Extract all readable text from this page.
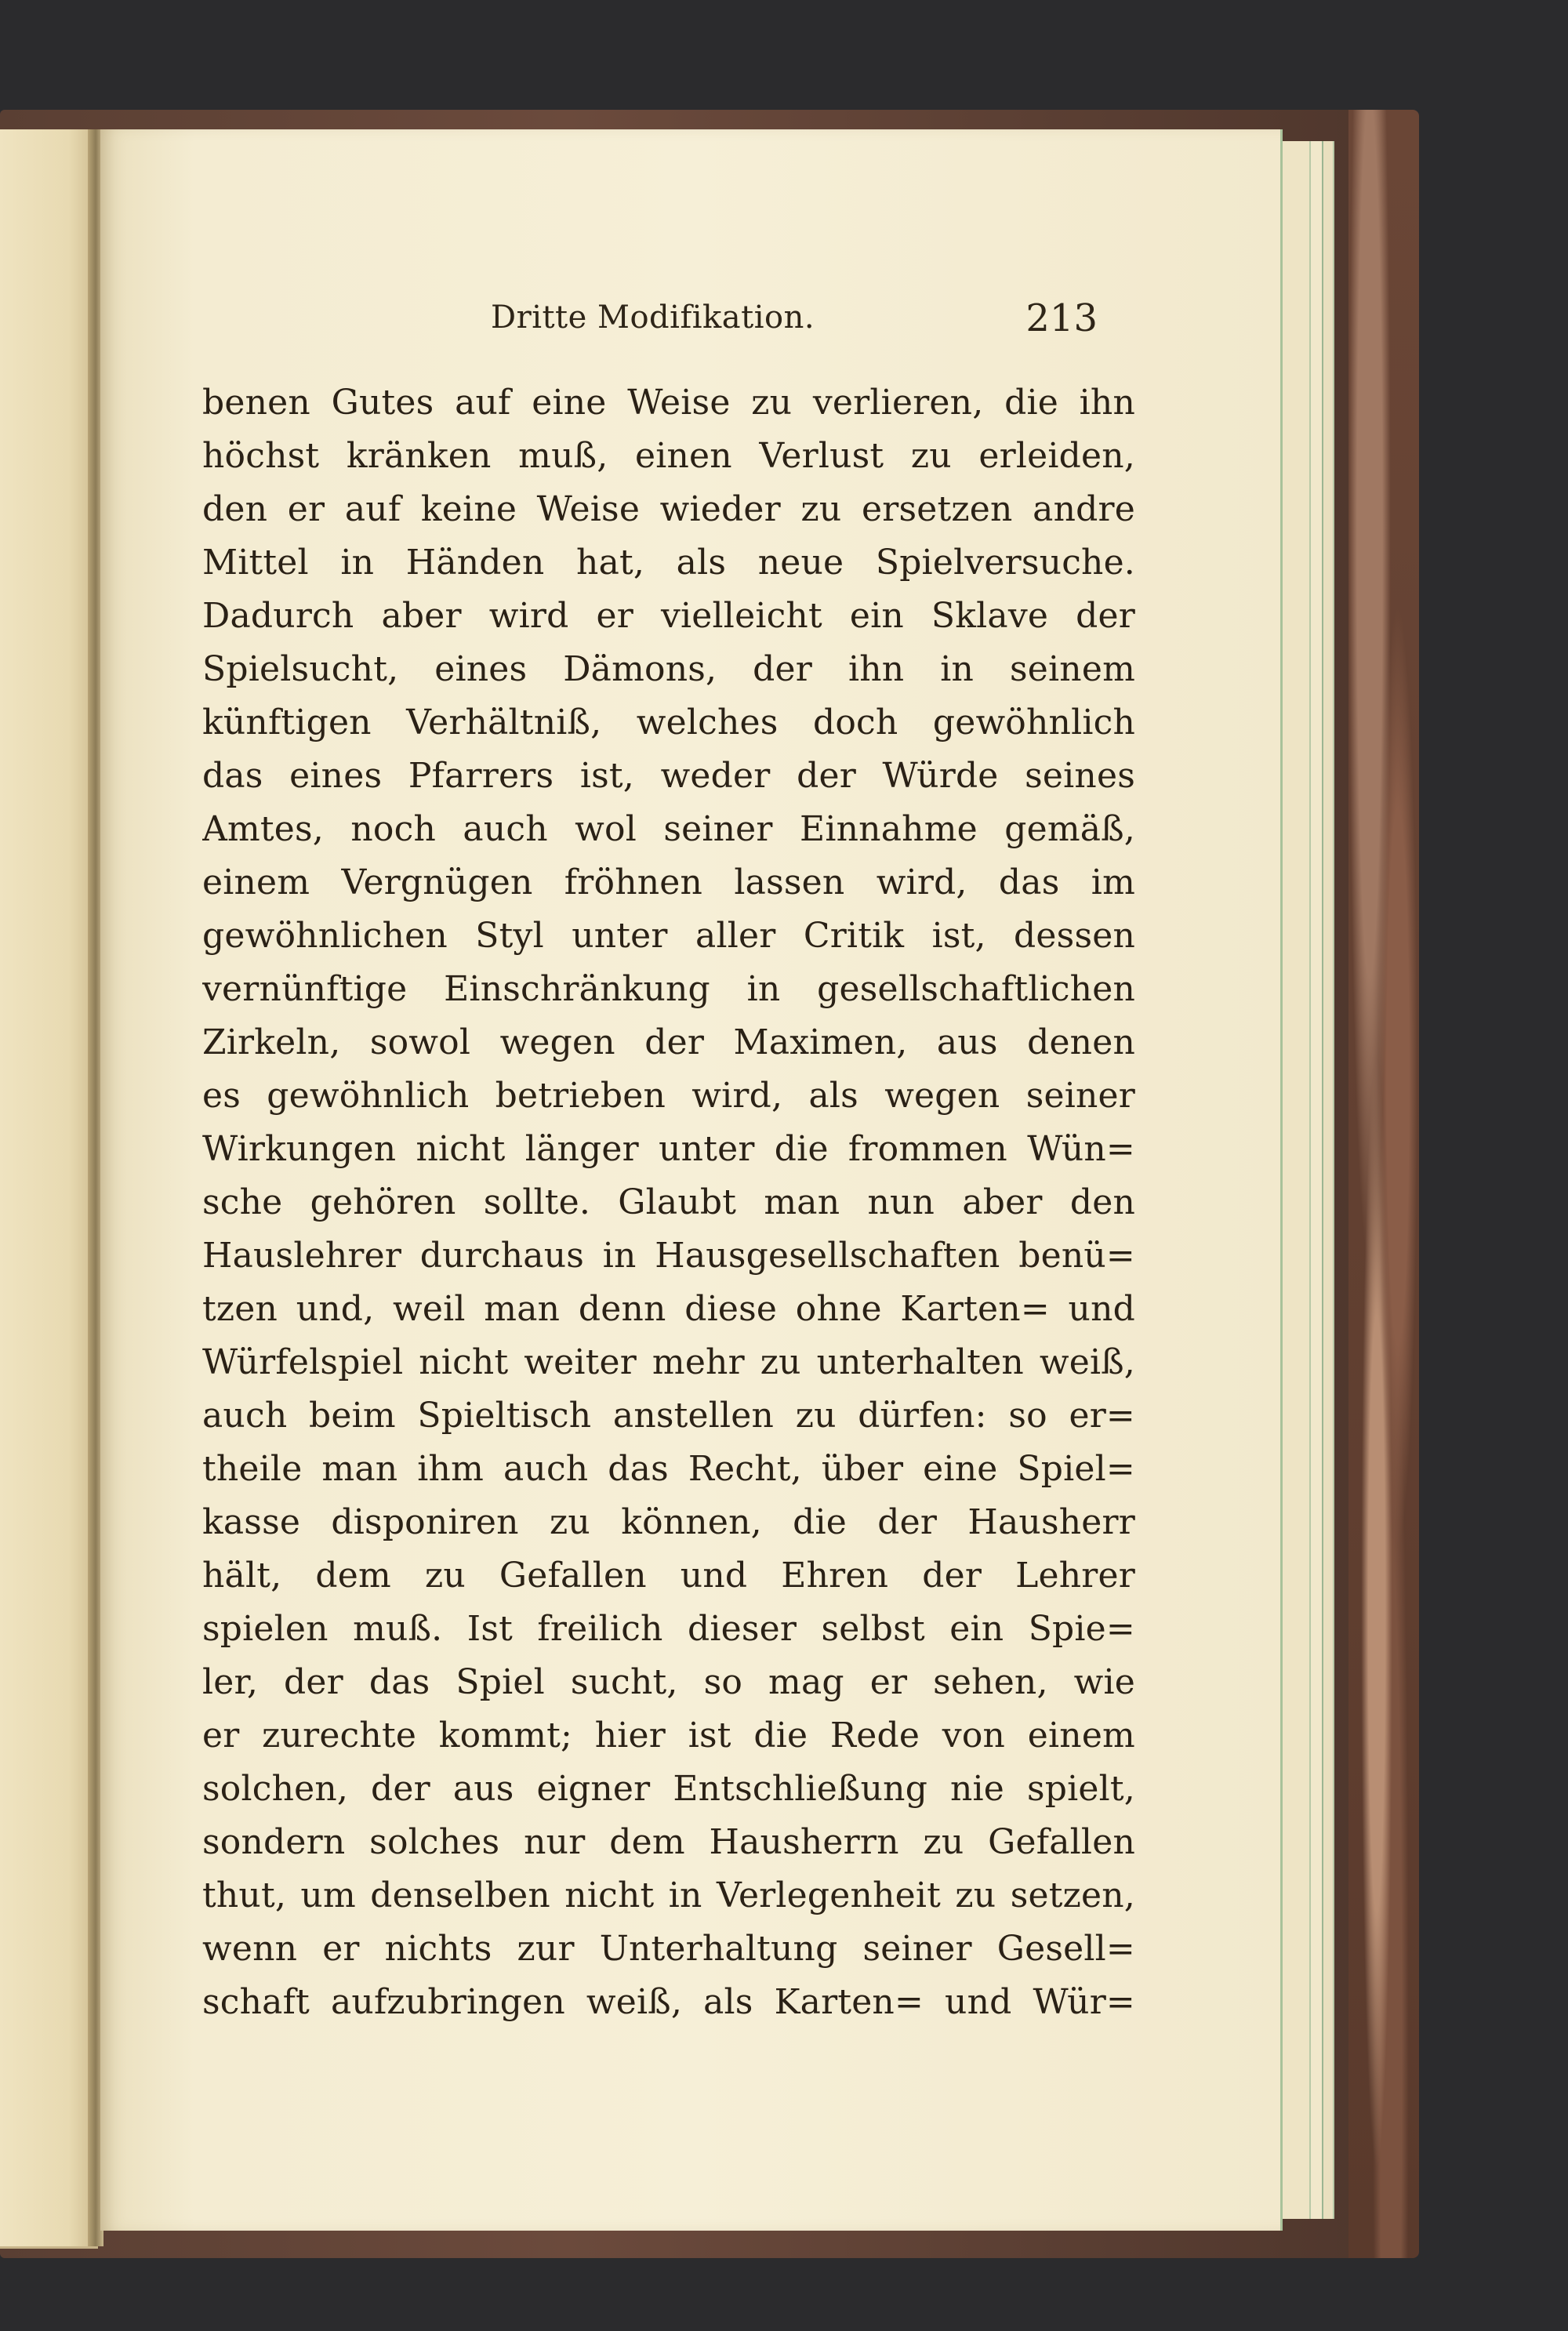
Dritte Modifikation.	213
benen Gutes auf eine Weise zu verlieren, die ihn
höchst kränken muß, einen Verlust zu erleiden,
den er auf keine Weise wieder zu ersetzen andre
Mittel in Händen hat, als neue Spielversuche.
Dadurch aber wird er vielleicht ein Sklave der
Spielsucht, eines Dämons, der ihn in seinem
künftigen Verhältniß, welches doch gewöhnlich
das eines Pfarrers ist, weder der Würde seines
Amtes, noch auch wol seiner Einnahme gemäß,
einem Vergnügen fröhnen lassen wird, das im
gewöhnlichen Styl unter aller Critik ist, dessen
vernünftige Einschränkung in gesellschaftlichen
Zirkeln, sowol wegen der Maximen, aus denen
es gewöhnlich betrieben wird, als wegen seiner
Wirkungen nicht länger unter die frommen Wün=
sche gehören sollte. Glaubt man nun aber den
Hauslehrer durchaus in Hausgesellschaften benü=
tzen und, weil man denn diese ohne Karten= und
Würfelspiel nicht weiter mehr zu unterhalten weiß,
auch beim Spieltisch anstellen zu dürfen: so er=
theile man ihm auch das Recht, über eine Spiel=
kasse disponiren zu können, die der Hausherr
hält, dem zu Gefallen und Ehren der Lehrer
spielen muß. Ist freilich dieser selbst ein Spie=
ler, der das Spiel sucht, so mag er sehen, wie
er zurechte kommt; hier ist die Rede von einem
solchen, der aus eigner Entschließung nie spielt,
sondern solches nur dem Hausherrn zu Gefallen
thut, um denselben nicht in Verlegenheit zu setzen,
wenn er nichts zur Unterhaltung seiner Gesell=
schaft aufzubringen weiß, als Karten= und Wür=
